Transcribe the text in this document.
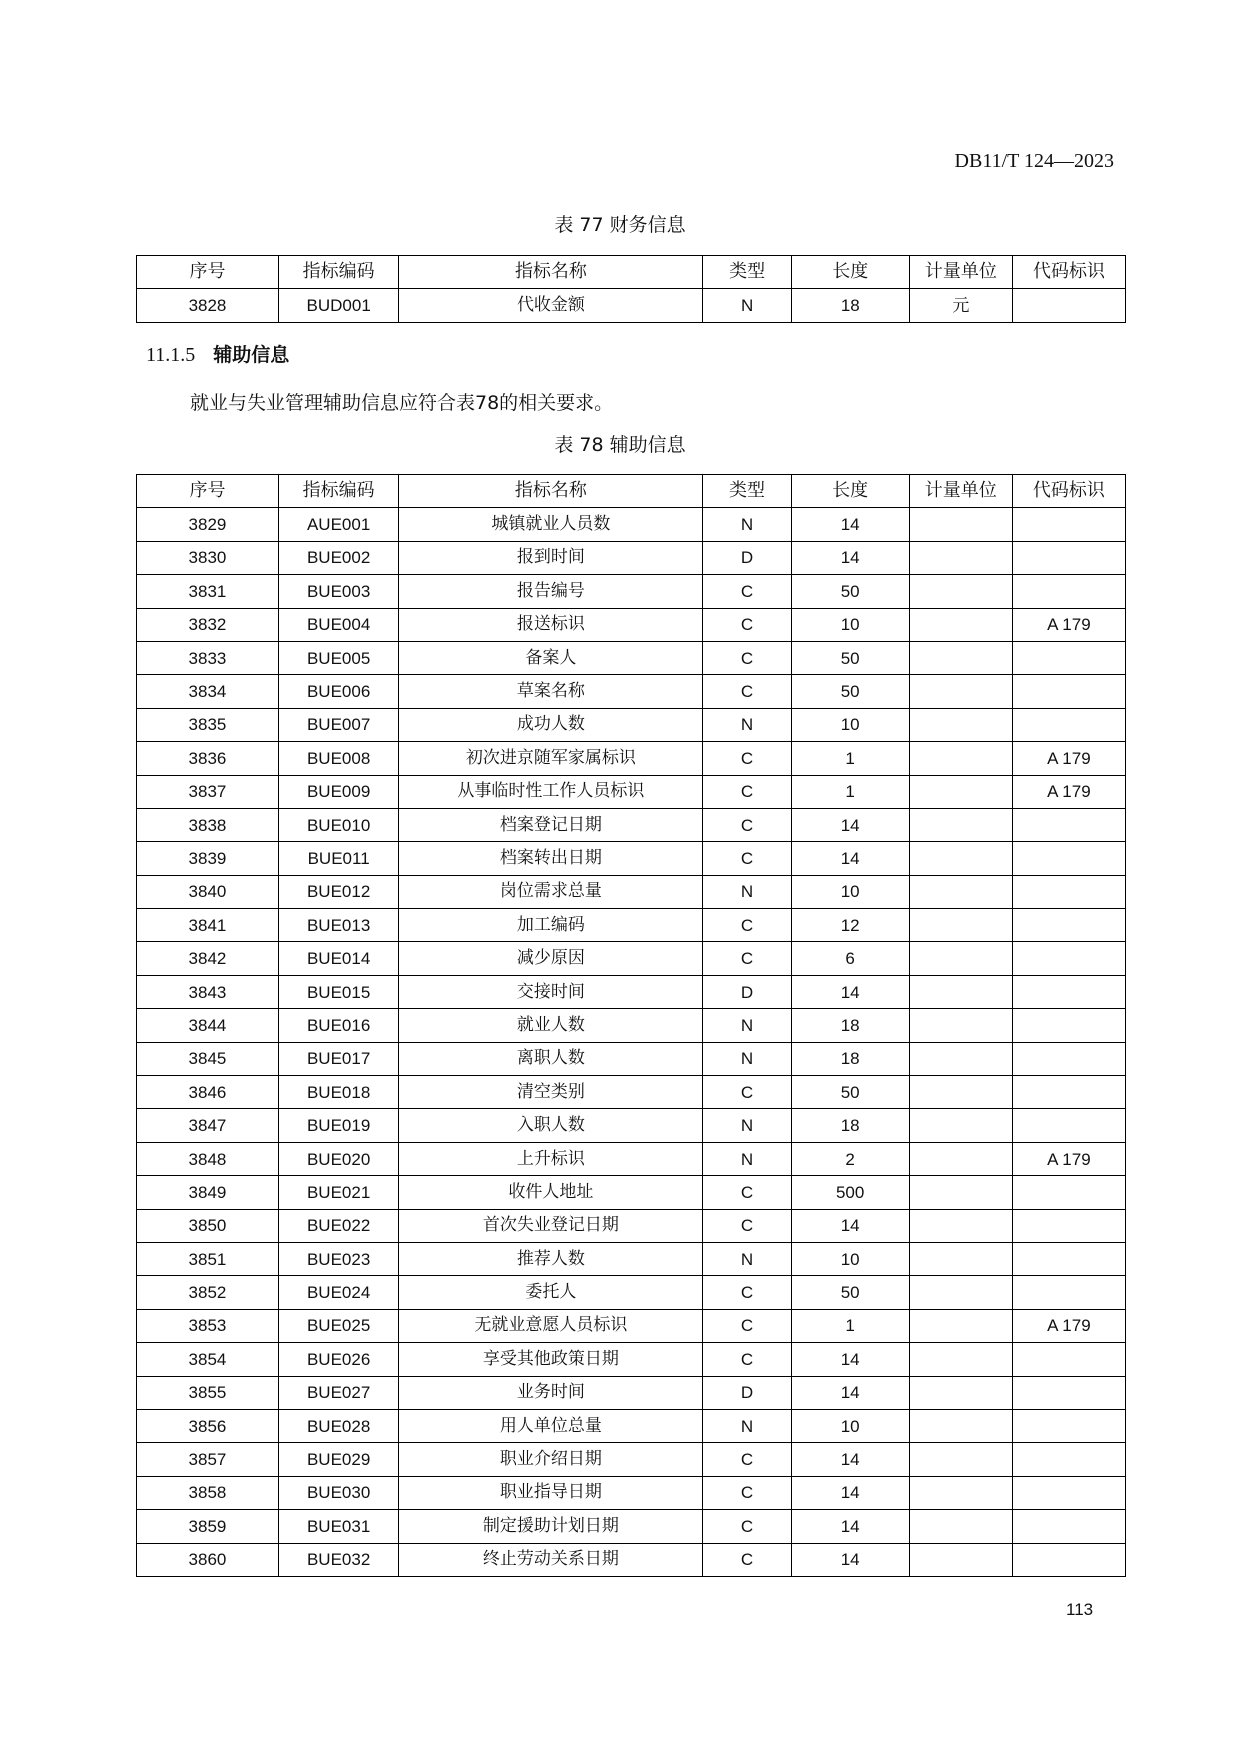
DB11/T 124—2023
表 77 财务信息
序号	指标编码	指标名称	类型	长度	计量单位	代码标识
3828	BUD001	代收金额	N	18	元	
11.1.5 辅助信息
就业与失业管理辅助信息应符合表78的相关要求。
表 78 辅助信息
序号	指标编码	指标名称	类型	长度	计量单位	代码标识
3829	AUE001	城镇就业人员数	N	14		
3830	BUE002	报到时间	D	14		
3831	BUE003	报告编号	C	50		
3832	BUE004	报送标识	C	10		A 179
3833	BUE005	备案人	C	50		
3834	BUE006	草案名称	C	50		
3835	BUE007	成功人数	N	10		
3836	BUE008	初次进京随军家属标识	C	1		A 179
3837	BUE009	从事临时性工作人员标识	C	1		A 179
3838	BUE010	档案登记日期	C	14		
3839	BUE011	档案转出日期	C	14		
3840	BUE012	岗位需求总量	N	10		
3841	BUE013	加工编码	C	12		
3842	BUE014	减少原因	C	6		
3843	BUE015	交接时间	D	14		
3844	BUE016	就业人数	N	18		
3845	BUE017	离职人数	N	18		
3846	BUE018	清空类别	C	50		
3847	BUE019	入职人数	N	18		
3848	BUE020	上升标识	N	2		A 179
3849	BUE021	收件人地址	C	500		
3850	BUE022	首次失业登记日期	C	14		
3851	BUE023	推荐人数	N	10		
3852	BUE024	委托人	C	50		
3853	BUE025	无就业意愿人员标识	C	1		A 179
3854	BUE026	享受其他政策日期	C	14		
3855	BUE027	业务时间	D	14		
3856	BUE028	用人单位总量	N	10		
3857	BUE029	职业介绍日期	C	14		
3858	BUE030	职业指导日期	C	14		
3859	BUE031	制定援助计划日期	C	14		
3860	BUE032	终止劳动关系日期	C	14		
113
